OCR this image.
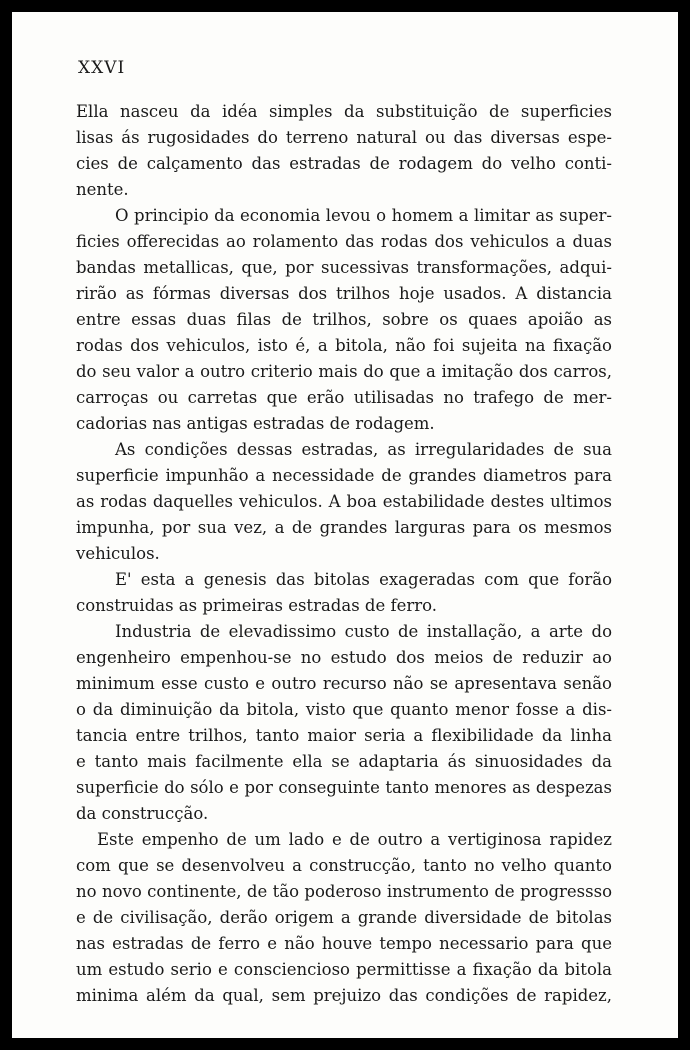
XXVI
Ella nasceu da idéa simples da substituição de superficies
lisas ás rugosidades do terreno natural ou das diversas espe-
cies de calçamento das estradas de rodagem do velho conti-
nente.
O principio da economia levou o homem a limitar as super-
ficies offerecidas ao rolamento das rodas dos vehiculos a duas
bandas metallicas, que, por sucessivas transformações, adqui-
rirão as fórmas diversas dos trilhos hoje usados. A distancia
entre essas duas filas de trilhos, sobre os quaes apoião as
rodas dos vehiculos, isto é, a bitola, não foi sujeita na fixação
do seu valor a outro criterio mais do que a imitação dos carros,
carroças ou carretas que erão utilisadas no trafego de mer-
cadorias nas antigas estradas de rodagem.
As condições dessas estradas, as irregularidades de sua
superficie impunhão a necessidade de grandes diametros para
as rodas daquelles vehiculos. A boa estabilidade destes ultimos
impunha, por sua vez, a de grandes larguras para os mesmos
vehiculos.
E' esta a genesis das bitolas exageradas com que forão
construidas as primeiras estradas de ferro.
Industria de elevadissimo custo de installação, a arte do
engenheiro empenhou-se no estudo dos meios de reduzir ao
minimum esse custo e outro recurso não se apresentava senão
o da diminuição da bitola, visto que quanto menor fosse a dis-
tancia entre trilhos, tanto maior seria a flexibilidade da linha
e tanto mais facilmente ella se adaptaria ás sinuosidades da
superficie do sólo e por conseguinte tanto menores as despezas
da construcção.
Este empenho de um lado e de outro a vertiginosa rapidez
com que se desenvolveu a construcção, tanto no velho quanto
no novo continente, de tão poderoso instrumento de progressso
e de civilisação, derão origem a grande diversidade de bitolas
nas estradas de ferro e não houve tempo necessario para que
um estudo serio e consciencioso permittisse a fixação da bitola
minima além da qual, sem prejuizo das condições de rapidez,
